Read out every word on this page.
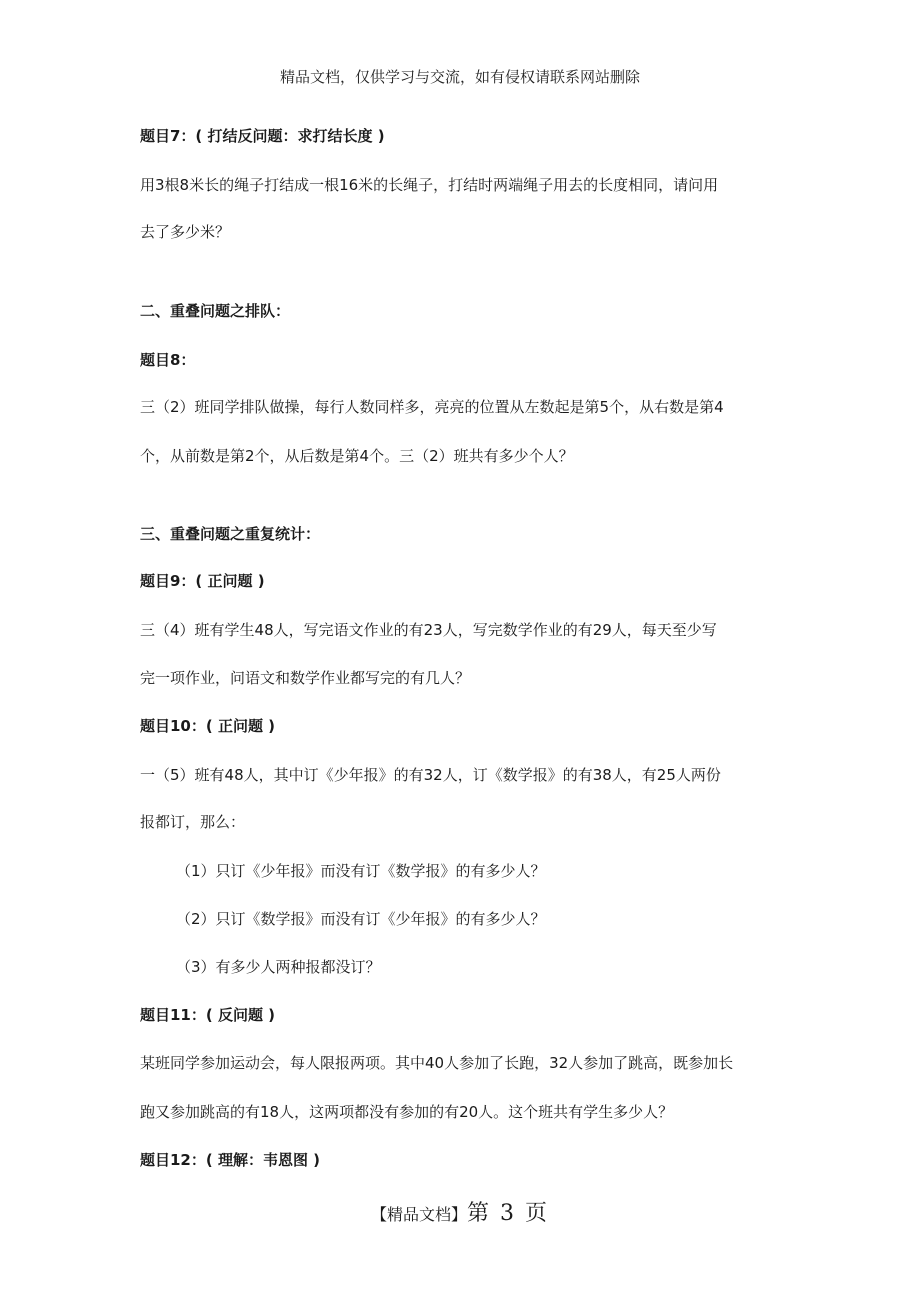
精品文档，仅供学习与交流，如有侵权请联系网站删除
题目7：( 打结反问题：求打结长度 )
用3根8米长的绳子打结成一根16米的长绳子，打结时两端绳子用去的长度相同，请问用
去了多少米？
二、重叠问题之排队：
题目8：
三（2）班同学排队做操，每行人数同样多，亮亮的位置从左数起是第5个，从右数是第4
个，从前数是第2个，从后数是第4个。三（2）班共有多少个人？
三、重叠问题之重复统计：
题目9：( 正问题 )
三（4）班有学生48人，写完语文作业的有23人，写完数学作业的有29人，每天至少写
完一项作业，问语文和数学作业都写完的有几人？
题目10：( 正问题 )
一（5）班有48人，其中订《少年报》的有32人，订《数学报》的有38人，有25人两份
报都订，那么：
（1）只订《少年报》而没有订《数学报》的有多少人？
（2）只订《数学报》而没有订《少年报》的有多少人？
（3）有多少人两种报都没订？
题目11：( 反问题 )
某班同学参加运动会，每人限报两项。其中40人参加了长跑，32人参加了跳高，既参加长
跑又参加跳高的有18人，这两项都没有参加的有20人。这个班共有学生多少人？
题目12：( 理解：韦恩图 )
【精品文档】第 3 页
